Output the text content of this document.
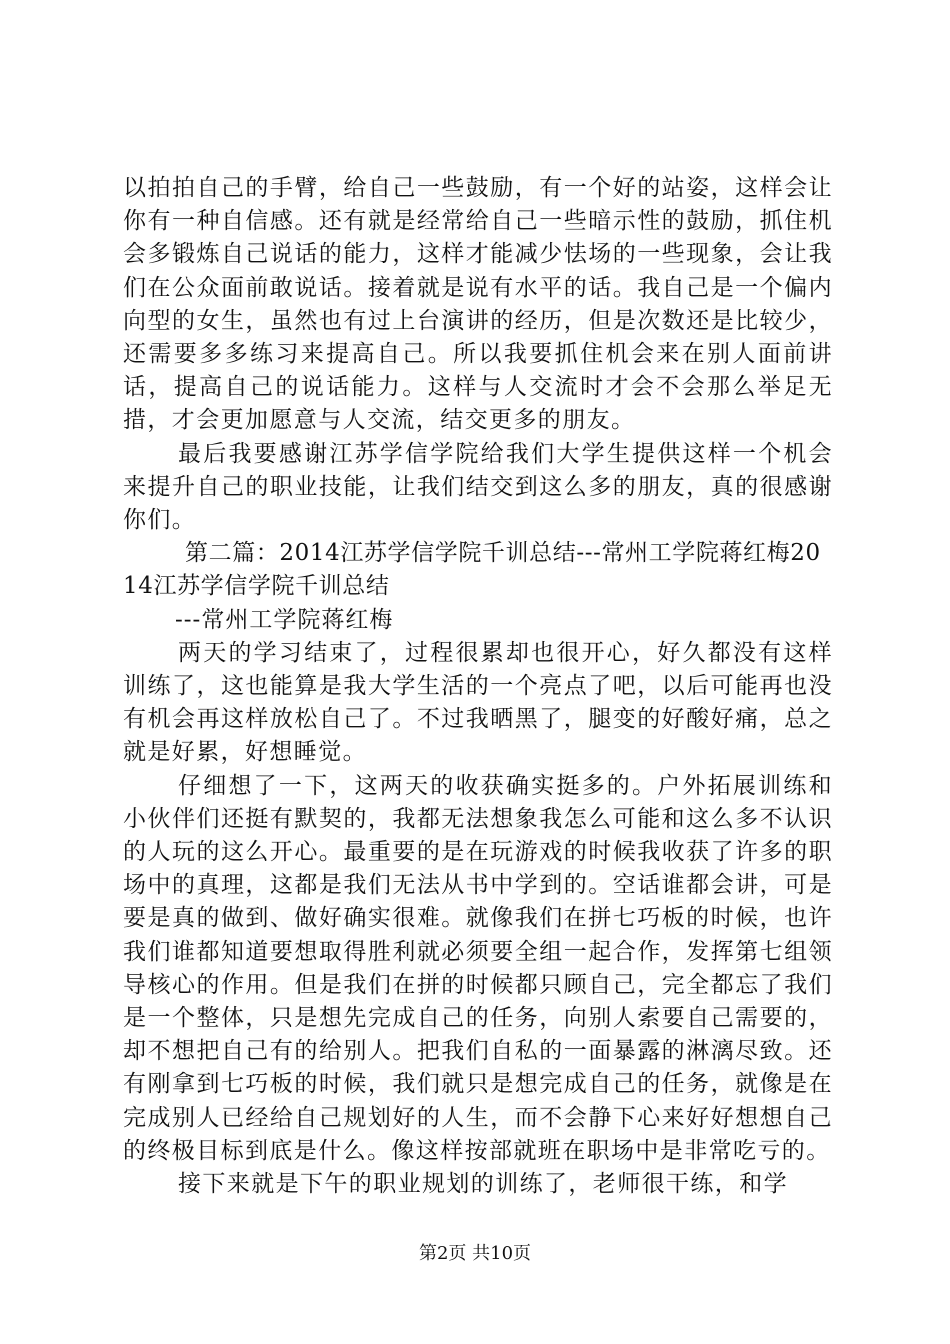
以拍拍自己的手臂，给自己一些鼓励，有一个好的站姿，这样会让你有一种自信感。还有就是经常给自己一些暗示性的鼓励，抓住机会多锻炼自己说话的能力，这样才能减少怯场的一些现象，会让我们在公众面前敢说话。接着就是说有水平的话。我自己是一个偏内向型的女生，虽然也有过上台演讲的经历，但是次数还是比较少，还需要多多练习来提高自己。所以我要抓住机会来在别人面前讲话，提高自己的说话能力。这样与人交流时才会不会那么举足无措，才会更加愿意与人交流，结交更多的朋友。

最后我要感谢江苏学信学院给我们大学生提供这样一个机会来提升自己的职业技能，让我们结交到这么多的朋友，真的很感谢你们。

第二篇：2014江苏学信学院千训总结---常州工学院蒋红梅2014江苏学信学院千训总结

---常州工学院蒋红梅

两天的学习结束了，过程很累却也很开心，好久都没有这样训练了，这也能算是我大学生活的一个亮点了吧，以后可能再也没有机会再这样放松自己了。不过我晒黑了，腿变的好酸好痛，总之就是好累，好想睡觉。

仔细想了一下，这两天的收获确实挺多的。户外拓展训练和小伙伴们还挺有默契的，我都无法想象我怎么可能和这么多不认识的人玩的这么开心。最重要的是在玩游戏的时候我收获了许多的职场中的真理，这都是我们无法从书中学到的。空话谁都会讲，可是要是真的做到、做好确实很难。就像我们在拼七巧板的时候，也许我们谁都知道要想取得胜利就必须要全组一起合作，发挥第七组领导核心的作用。但是我们在拼的时候都只顾自己，完全都忘了我们是一个整体，只是想先完成自己的任务，向别人索要自己需要的，却不想把自己有的给别人。把我们自私的一面暴露的淋漓尽致。还有刚拿到七巧板的时候，我们就只是想完成自己的任务，就像是在完成别人已经给自己规划好的人生，而不会静下心来好好想想自己的终极目标到底是什么。像这样按部就班在职场中是非常吃亏的。

接下来就是下午的职业规划的训练了，老师很干练，和学

第2页 共10页
